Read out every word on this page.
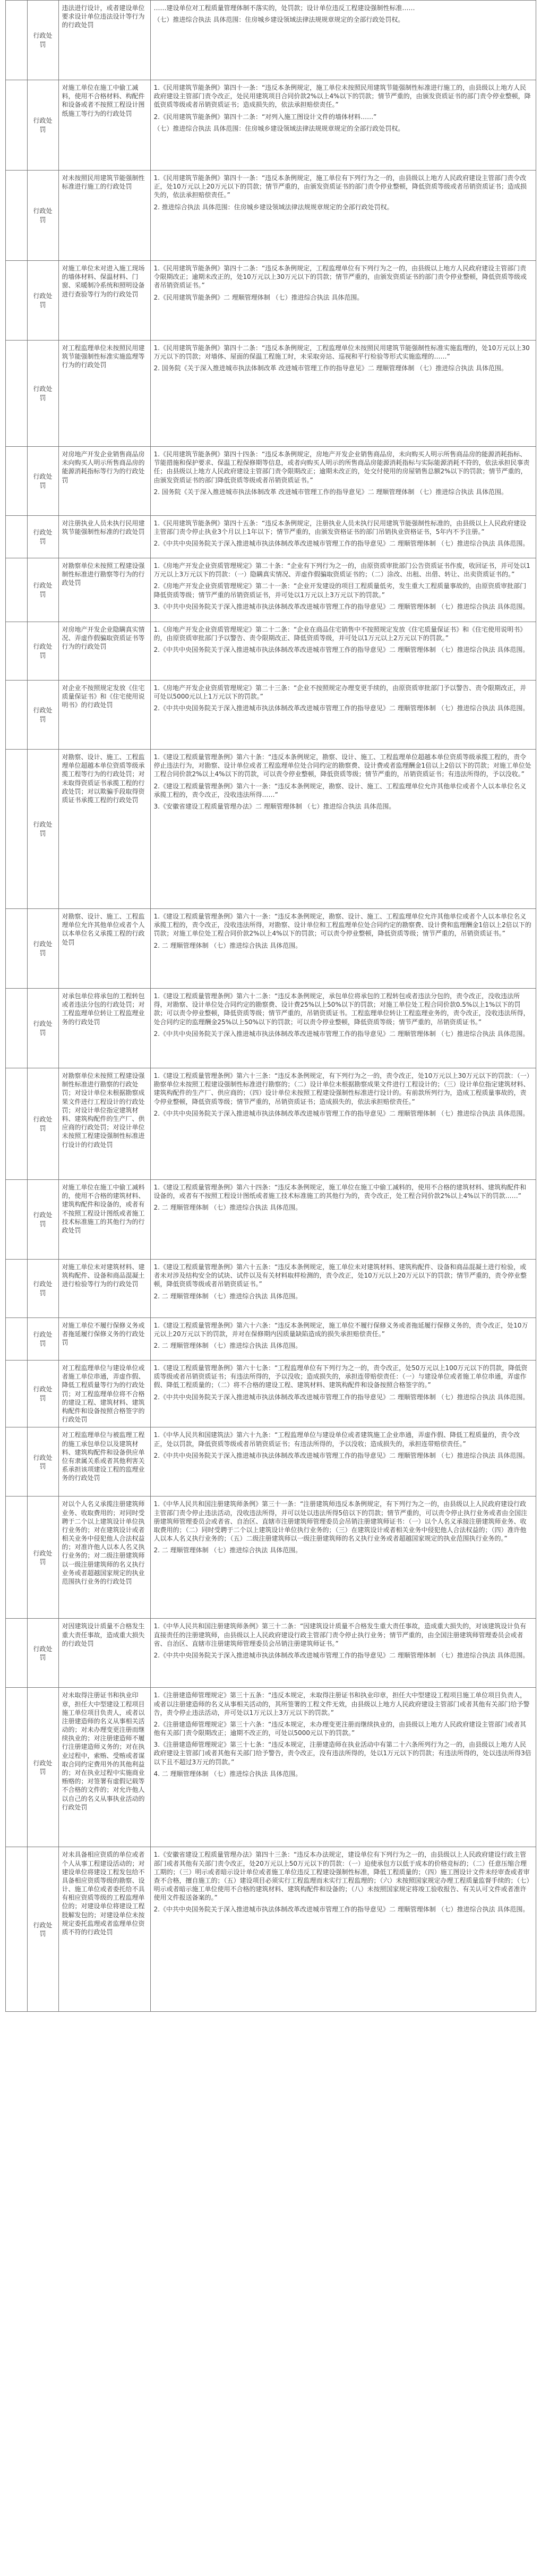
	行政处罚	违法进行设计，或者建设单位要求设计单位违法设计等行为的行政处罚	……建设单位对工程质量管理体制不落实的，处罚款；设计单位违反工程建设强制性标准……
（七）推进综合执法 具体范围：住房城乡建设领域法律法规规章规定的全部行政处罚权。

	行政处罚	对施工单位在施工中偷工减料，使用不合格材料、构配件和设备或者不按照工程设计图纸施工等行为的行政处罚	1.《民用建筑节能条例》第四十一条：“违反本条例规定，施工单位未按照民用建筑节能强制性标准进行施工的，由县级以上地方人民政府建设主管部门责令改正，处民用建筑项目合同价款2%以上4%以下的罚款；情节严重的，由颁发资质证书的部门责令停业整顿，降低资质等级或者吊销资质证书；造成损失的，依法承担赔偿责任。”
2.《民用建筑节能条例》第四十二条：“对列入施工图设计文件的墙体材料……”
（七）推进综合执法 具体范围：住房城乡建设领域法律法规规章规定的全部行政处罚权。

	行政处罚	对未按照民用建筑节能强制性标准进行施工的行政处罚	1.《民用建筑节能条例》第四十一条：“违反本条例规定，施工单位有下列行为之一的，由县级以上地方人民政府建设主管部门责令改正，处10万元以上20万元以下的罚款；情节严重的，由颁发资质证书的部门责令停业整顿，降低资质等级或者吊销资质证书；造成损失的，依法承担赔偿责任。”
2. 推进综合执法 具体范围：住房城乡建设领域法律法规规章规定的全部行政处罚权。

	行政处罚	对施工单位未对进入施工现场的墙体材料、保温材料、门窗、采暖制冷系统和照明设备进行查验等行为的行政处罚	1.《民用建筑节能条例》第四十二条：“违反本条例规定，工程监理单位有下列行为之一的，由县级以上地方人民政府建设主管部门责令限期改正；逾期未改正的，处10万元以上30万元以下的罚款；情节严重的，由颁发资质证书的部门责令停业整顿，降低资质等级或者吊销资质证书。”
2.《民用建筑节能条例》二 理顺管理体制 （七）推进综合执法 具体范围。

	行政处罚	对工程监理单位未按照民用建筑节能强制性标准实施监理等行为的行政处罚	1.《民用建筑节能条例》第四十二条：“违反本条例规定，工程监理单位未按照民用建筑节能强制性标准实施监理的，处10万元以上30万元以下的罚款；对墙体、屋面的保温工程施工时，未采取旁站、巡视和平行检验等形式实施监理的……”
2. 国务院《关于深入推进城市执法体制改革 改进城市管理工作的指导意见》二 理顺管理体制 （七）推进综合执法 具体范围。

	行政处罚	对房地产开发企业销售商品房未向购买人明示所售商品房的能源消耗指标等行为的行政处罚	1.《民用建筑节能条例》第四十四条：“违反本条例规定，房地产开发企业销售商品房，未向购买人明示所售商品房的能源消耗指标、节能措施和保护要求、保温工程保修期等信息，或者向购买人明示的所售商品房能源消耗指标与实际能源消耗不符的，依法承担民事责任；由县级以上地方人民政府建设主管部门责令限期改正；逾期未改正的，处交付使用的房屋销售总额2%以下的罚款；情节严重的，由颁发资质证书的部门降低资质等级或者吊销资质证书。”
2. 国务院《关于深入推进城市执法体制改革 改进城市管理工作的指导意见》二 理顺管理体制 （七）推进综合执法 具体范围。

	行政处罚	对注册执业人员未执行民用建筑节能强制性标准的行政处罚	1.《民用建筑节能条例》第四十五条：“违反本条例规定，注册执业人员未执行民用建筑节能强制性标准的，由县级以上人民政府建设主管部门责令停止执业3个月以上1年以下；情节严重的，由颁发资格证书的部门吊销执业资格证书，5年内不予注册。”
2.《中共中央国务院关于深入推进城市执法体制改革改进城市管理工作的指导意见》二 理顺管理体制 （七）推进综合执法 具体范围。

	行政处罚	对勘察单位未按照工程建设强制性标准进行勘察等行为的行政处罚	1.《房地产开发企业资质管理规定》第二十条：“企业有下列行为之一的，由原资质审批部门公告资质证书作废，收回证书，并可处以1万元以上3万元以下的罚款：（一）隐瞒真实情况、弄虚作假骗取资质证书的；（二）涂改、出租、出借、转让、出卖资质证书的。”
2.《房地产开发企业资质管理规定》第二十一条：“企业开发建设的项目工程质量低劣，发生重大工程质量事故的，由原资质审批部门降低资质等级；情节严重的吊销资质证书，并可处以1万元以上3万元以下的罚款。”
3.《中共中央国务院关于深入推进城市执法体制改革改进城市管理工作的指导意见》二 理顺管理体制 （七）推进综合执法 具体范围。

	行政处罚	对房地产开发企业隐瞒真实情况、弄虚作假骗取资质证书等行为的行政处罚	1.《房地产开发企业资质管理规定》第二十二条：“企业在商品住宅销售中不按照规定发放《住宅质量保证书》和《住宅使用说明书》的，由原资质审批部门予以警告、责令限期改正、降低资质等级，并可处以1万元以上2万元以下的罚款。”
2.《中共中央国务院关于深入推进城市执法体制改革改进城市管理工作的指导意见》二 理顺管理体制 （七）推进综合执法 具体范围。

	行政处罚	对企业不按照规定发放《住宅质量保证书》和《住宅使用说明书》的行政处罚	1.《房地产开发企业资质管理规定》第二十三条：“企业不按照规定办理变更手续的，由原资质审批部门予以警告、责令限期改正，并可处以5000元以上1万元以下的罚款。”
2.《中共中央国务院关于深入推进城市执法体制改革改进城市管理工作的指导意见》二 理顺管理体制 （七）推进综合执法 具体范围。

	行政处罚	对勘察、设计、施工、工程监理单位超越本单位资质等级承揽工程等行为的行政处罚；对未取得资质证书承揽工程的行政处罚；对以欺骗手段取得资质证书承揽工程的行政处罚	1.《建设工程质量管理条例》第六十条：“违反本条例规定，勘察、设计、施工、工程监理单位超越本单位资质等级承揽工程的，责令停止违法行为，对勘察、设计单位或者工程监理单位处合同约定的勘察费、设计费或者监理酬金1倍以上2倍以下的罚款；对施工单位处工程合同价款2%以上4%以下的罚款，可以责令停业整顿，降低资质等级；情节严重的，吊销资质证书；有违法所得的，予以没收。”
2.《建设工程质量管理条例》第六十一条：“违反本条例规定，勘察、设计、施工、工程监理单位允许其他单位或者个人以本单位名义承揽工程的，责令改正，没收违法所得……”
3.《安徽省建设工程质量管理办法》二 理顺管理体制 （七）推进综合执法 具体范围。

	行政处罚	对勘察、设计、施工、工程监理单位允许其他单位或者个人以本单位名义承揽工程的行政处罚	1.《建设工程质量管理条例》第六十一条：“违反本条例规定，勘察、设计、施工、工程监理单位允许其他单位或者个人以本单位名义承揽工程的，责令改正，没收违法所得，对勘察、设计单位和工程监理单位处合同约定的勘察费、设计费和监理酬金1倍以上2倍以下的罚款；对施工单位处工程合同价款2%以上4%以下的罚款；可以责令停业整顿，降低资质等级；情节严重的，吊销资质证书。”
2. 二 理顺管理体制 （七）推进综合执法 具体范围。

	行政处罚	对承包单位将承包的工程转包或者违法分包的行政处罚；对工程监理单位转让工程监理业务的行政处罚	1.《建设工程质量管理条例》第六十二条：“违反本条例规定，承包单位将承包的工程转包或者违法分包的，责令改正，没收违法所得，对勘察、设计单位处合同约定的勘察费、设计费25%以上50%以下的罚款；对施工单位处工程合同价款0.5%以上1%以下的罚款；可以责令停业整顿，降低资质等级；情节严重的，吊销资质证书。工程监理单位转让工程监理业务的，责令改正，没收违法所得，处合同约定的监理酬金25%以上50%以下的罚款；可以责令停业整顿，降低资质等级；情节严重的，吊销资质证书。”
2.《中共中央国务院关于深入推进城市执法体制改革改进城市管理工作的指导意见》二 理顺管理体制 （七）推进综合执法 具体范围。

	行政处罚	对勘察单位未按照工程建设强制性标准进行勘察的行政处罚；对设计单位未根据勘察成果文件进行工程设计的行政处罚；对设计单位指定建筑材料、建筑构配件的生产厂、供应商的行政处罚；对设计单位未按照工程建设强制性标准进行设计的行政处罚	1.《建设工程质量管理条例》第六十三条：“违反本条例规定，有下列行为之一的，责令改正，处10万元以上30万元以下的罚款：（一）勘察单位未按照工程建设强制性标准进行勘察的；（二）设计单位未根据勘察成果文件进行工程设计的；（三）设计单位指定建筑材料、建筑构配件的生产厂、供应商的；（四）设计单位未按照工程建设强制性标准进行设计的。有前款所列行为，造成工程质量事故的，责令停业整顿，降低资质等级；情节严重的，吊销资质证书；造成损失的，依法承担赔偿责任。”
2.《中共中央国务院关于深入推进城市执法体制改革改进城市管理工作的指导意见》二 理顺管理体制 （七）推进综合执法 具体范围。

	行政处罚	对施工单位在施工中偷工减料的，使用不合格的建筑材料、建筑构配件和设备的，或者有不按照工程设计图纸或者施工技术标准施工的其他行为的行政处罚	1.《建设工程质量管理条例》第六十四条：“违反本条例规定，施工单位在施工中偷工减料的，使用不合格的建筑材料、建筑构配件和设备的，或者有不按照工程设计图纸或者施工技术标准施工的其他行为的，责令改正，处工程合同价款2%以上4%以下的罚款……”
2. 二 理顺管理体制 （七）推进综合执法 具体范围。

	行政处罚	对施工单位未对建筑材料、建筑构配件、设备和商品混凝土进行检验等行为的行政处罚	1.《建设工程质量管理条例》第六十五条：“违反本条例规定，施工单位未对建筑材料、建筑构配件、设备和商品混凝土进行检验，或者未对涉及结构安全的试块、试件以及有关材料取样检测的，责令改正，处10万元以上20万元以下的罚款；情节严重的，责令停业整顿，降低资质等级或者吊销资质证书。”
2. 二 理顺管理体制 （七）推进综合执法 具体范围。

	行政处罚	对施工单位不履行保修义务或者拖延履行保修义务的行政处罚	1.《建设工程质量管理条例》第六十六条：“违反本条例规定，施工单位不履行保修义务或者拖延履行保修义务的，责令改正，处10万元以上20万元以下的罚款，并对在保修期内因质量缺陷造成的损失承担赔偿责任。”
2. 二 理顺管理体制 （七）推进综合执法 具体范围。

	行政处罚	对工程监理单位与建设单位或者施工单位串通，弄虚作假、降低工程质量等行为的行政处罚；对工程监理单位将不合格的建设工程、建筑材料、建筑构配件和设备按照合格签字的行政处罚	1.《建设工程质量管理条例》第六十七条：“工程监理单位有下列行为之一的，责令改正，处50万元以上100万元以下的罚款，降低资质等级或者吊销资质证书；有违法所得的，予以没收；造成损失的，承担连带赔偿责任：（一）与建设单位或者施工单位串通，弄虚作假、降低工程质量的；（二）将不合格的建设工程、建筑材料、建筑构配件和设备按照合格签字的。”
2.《中共中央国务院关于深入推进城市执法体制改革改进城市管理工作的指导意见》二 理顺管理体制 （七）推进综合执法 具体范围。

	行政处罚	对工程监理单位与被监理工程的施工承包单位以及建筑材料、建筑构配件和设备供应单位有隶属关系或者其他利害关系承担该项建设工程的监理业务的行政处罚	1.《中华人民共和国建筑法》第六十九条：“工程监理单位与建设单位或者建筑施工企业串通，弄虚作假、降低工程质量的，责令改正，处以罚款，降低资质等级或者吊销资质证书；有违法所得的，予以没收；造成损失的，承担连带赔偿责任。”
2.《中共中央国务院关于深入推进城市执法体制改革改进城市管理工作的指导意见》二 理顺管理体制 （七）推进综合执法 具体范围。

	行政处罚	对以个人名义承揽注册建筑师业务、收取费用的；对同时受聘于二个以上建筑设计单位执行业务的；对在建筑设计或者相关业务中侵犯他人合法权益的；对准许他人以本人名义执行业务的；对二级注册建筑师以一级注册建筑师的名义执行业务或者超越国家规定的执业范围执行业务的行政处罚	1.《中华人民共和国注册建筑师条例》第三十一条：“注册建筑师违反本条例规定，有下列行为之一的，由县级以上人民政府建设行政主管部门责令停止违法活动，没收违法所得，并可以处以违法所得5倍以下的罚款；情节严重的，可以责令停止执行业务或者由全国注册建筑师管理委员会或者省、自治区、直辖市注册建筑师管理委员会吊销注册建筑师证书：（一）以个人名义承接注册建筑师业务、收取费用的；（二）同时受聘于二个以上建筑设计单位执行业务的；（三）在建筑设计或者相关业务中侵犯他人合法权益的；（四）准许他人以本人名义执行业务的；（五）二级注册建筑师以一级注册建筑师的名义执行业务或者超越国家规定的执业范围执行业务的。”
2. 二 理顺管理体制 （七）推进综合执法 具体范围。

	行政处罚	对因建筑设计质量不合格发生重大责任事故，造成重大损失的行政处罚	1.《中华人民共和国注册建筑师条例》第三十二条：“因建筑设计质量不合格发生重大责任事故，造成重大损失的，对该建筑设计负有直接责任的注册建筑师，由县级以上人民政府建设行政主管部门责令停止执行业务；情节严重的，由全国注册建筑师管理委员会或者省、自治区、直辖市注册建筑师管理委员会吊销注册建筑师证书。”
2.《中共中央国务院关于深入推进城市执法体制改革改进城市管理工作的指导意见》二 理顺管理体制 （七）推进综合执法 具体范围。

	行政处罚	对未取得注册证书和执业印章，担任大中型建设工程项目施工单位项目负责人，或者以注册建造师的名义从事相关活动的；对未办理变更注册而继续执业的；对注册建造师不履行注册建造师义务的；对在执业过程中，索贿、受贿或者谋取合同约定费用外的其他利益的；对在执业过程中实施商业贿赂的；对签署有虚假记载等不合格的文件的；对允许他人以自己的名义从事执业活动的行政处罚	1.《注册建造师管理规定》第三十五条：“违反本规定，未取得注册证书和执业印章，担任大中型建设工程项目施工单位项目负责人，或者以注册建造师的名义从事相关活动的，其所签署的工程文件无效，由县级以上地方人民政府建设主管部门或者其他有关部门给予警告，责令停止违法活动，并可处以1万元以上3万元以下的罚款。”
2.《注册建造师管理规定》第三十六条：“违反本规定，未办理变更注册而继续执业的，由县级以上地方人民政府建设主管部门或者其他有关部门责令限期改正；逾期不改正的，可处以5000元以下的罚款。”
3.《注册建造师管理规定》第三十七条：“违反本规定，注册建造师在执业活动中有第二十六条所列行为之一的，由县级以上地方人民政府建设主管部门或者其他有关部门给予警告，责令改正，没有违法所得的，处以1万元以下的罚款；有违法所得的，处以违法所得3倍以下且不超过3万元的罚款。”
4. 二 理顺管理体制 （七）推进综合执法 具体范围。

	行政处罚	对未具备相应资质的单位或者个人从事工程建设活动的；对建设单位将建设工程发包给不具备相应资质等级的勘察、设计、施工单位或者委托给不具有相应资质等级的工程监理单位的；对建设单位将建设工程肢解发包的；对建设单位未按规定委托监理或者监理单位资质不符的行政处罚	1.《安徽省建设工程质量管理办法》第四十三条：“违反本办法规定，建设单位有下列行为之一的，由县级以上人民政府建设行政主管部门或者其他有关部门责令改正，处20万元以上50万元以下的罚款：（一）迫使承包方以低于成本的价格竞标的；（二）任意压缩合理工期的；（三）明示或者暗示设计单位或者施工单位违反工程建设强制性标准，降低工程质量的；（四）施工图设计文件未经审查或者审查不合格，擅自施工的；（五）建设项目必须实行工程监理而未实行工程监理的；（六）未按照国家规定办理工程质量监督手续的；（七）明示或者暗示施工单位使用不合格的建筑材料、建筑构配件和设备的；（八）未按照国家规定将竣工验收报告、有关认可文件或者准许使用文件报送备案的。”
2.《中共中央国务院关于深入推进城市执法体制改革改进城市管理工作的指导意见》二 理顺管理体制 （七）推进综合执法 具体范围。
